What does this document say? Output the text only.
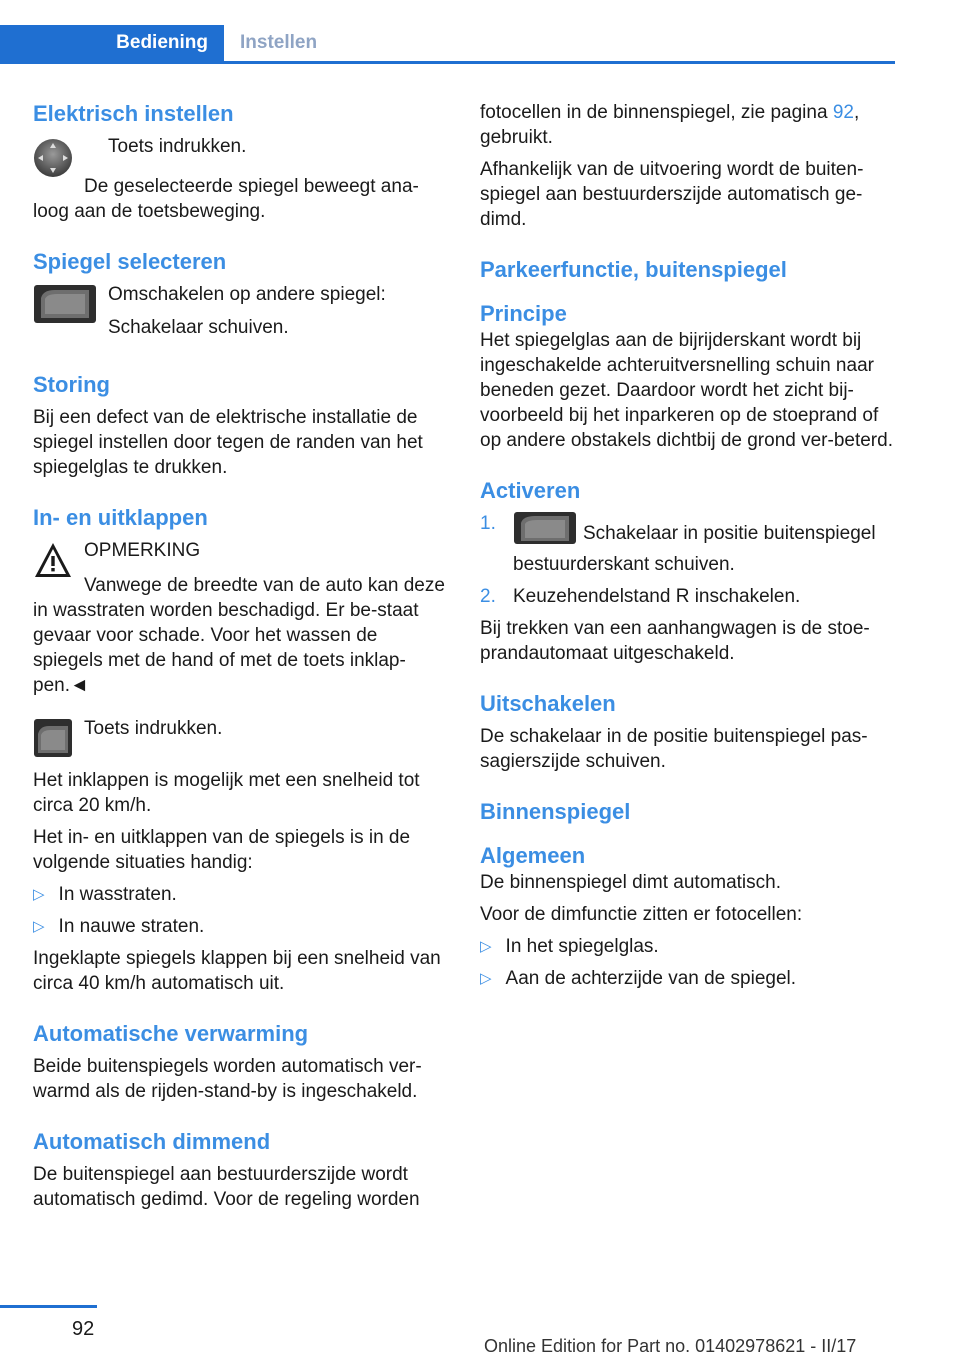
Bediening Instellen
Elektrisch instellen

Toets indrukken.

De geselecteerde spiegel beweegt ana-loog aan de toetsbeweging.

Spiegel selecteren

Omschakelen op andere spiegel:

Schakelaar schuiven.

Storing

Bij een defect van de elektrische installatie de spiegel instellen door tegen de randen van het spiegelglas te drukken.

In- en uitklappen

OPMERKING

Vanwege de breedte van de auto kan deze in wasstraten worden beschadigd. Er be-staat gevaar voor schade. Voor het wassen de spiegels met de hand of met de toets inklap-pen.◄

Toets indrukken.

Het inklappen is mogelijk met een snelheid tot circa 20 km/h.

Het in- en uitklappen van de spiegels is in de volgende situaties handig:

▷ In wasstraten.
▷ In nauwe straten.

Ingeklapte spiegels klappen bij een snelheid van circa 40 km/h automatisch uit.

Automatische verwarming

Beide buitenspiegels worden automatisch ver-warmd als de rijden-stand-by is ingeschakeld.

Automatisch dimmend

De buitenspiegel aan bestuurderszijde wordt automatisch gedimd. Voor de regeling worden

fotocellen in de binnenspiegel, zie pagina 92, gebruikt.

Afhankelijk van de uitvoering wordt de buiten-spiegel aan bestuurderszijde automatisch ge-dimd.

Parkeerfunctie, buitenspiegel
Principe

Het spiegelglas aan de bijrijderskant wordt bij ingeschakelde achteruitversnelling schuin naar beneden gezet. Daardoor wordt het zicht bij-voorbeeld bij het inparkeren op de stoeprand of op andere obstakels dichtbij de grond ver-beterd.

Activeren
1.	Schakelaar in positie buitenspiegel bestuurderskant schuiven.
2. Keuzehendelstand R inschakelen.

Bij trekken van een aanhangwagen is de stoe-prandautomaat uitgeschakeld.

Uitschakelen

De schakelaar in de positie buitenspiegel pas-sagierszijde schuiven.

Binnenspiegel
Algemeen

De binnenspiegel dimt automatisch.

Voor de dimfunctie zitten er fotocellen:

▷ In het spiegelglas.
▷ Aan de achterzijde van de spiegel.
92
Online Edition for Part no. 01402978621 - II/17
